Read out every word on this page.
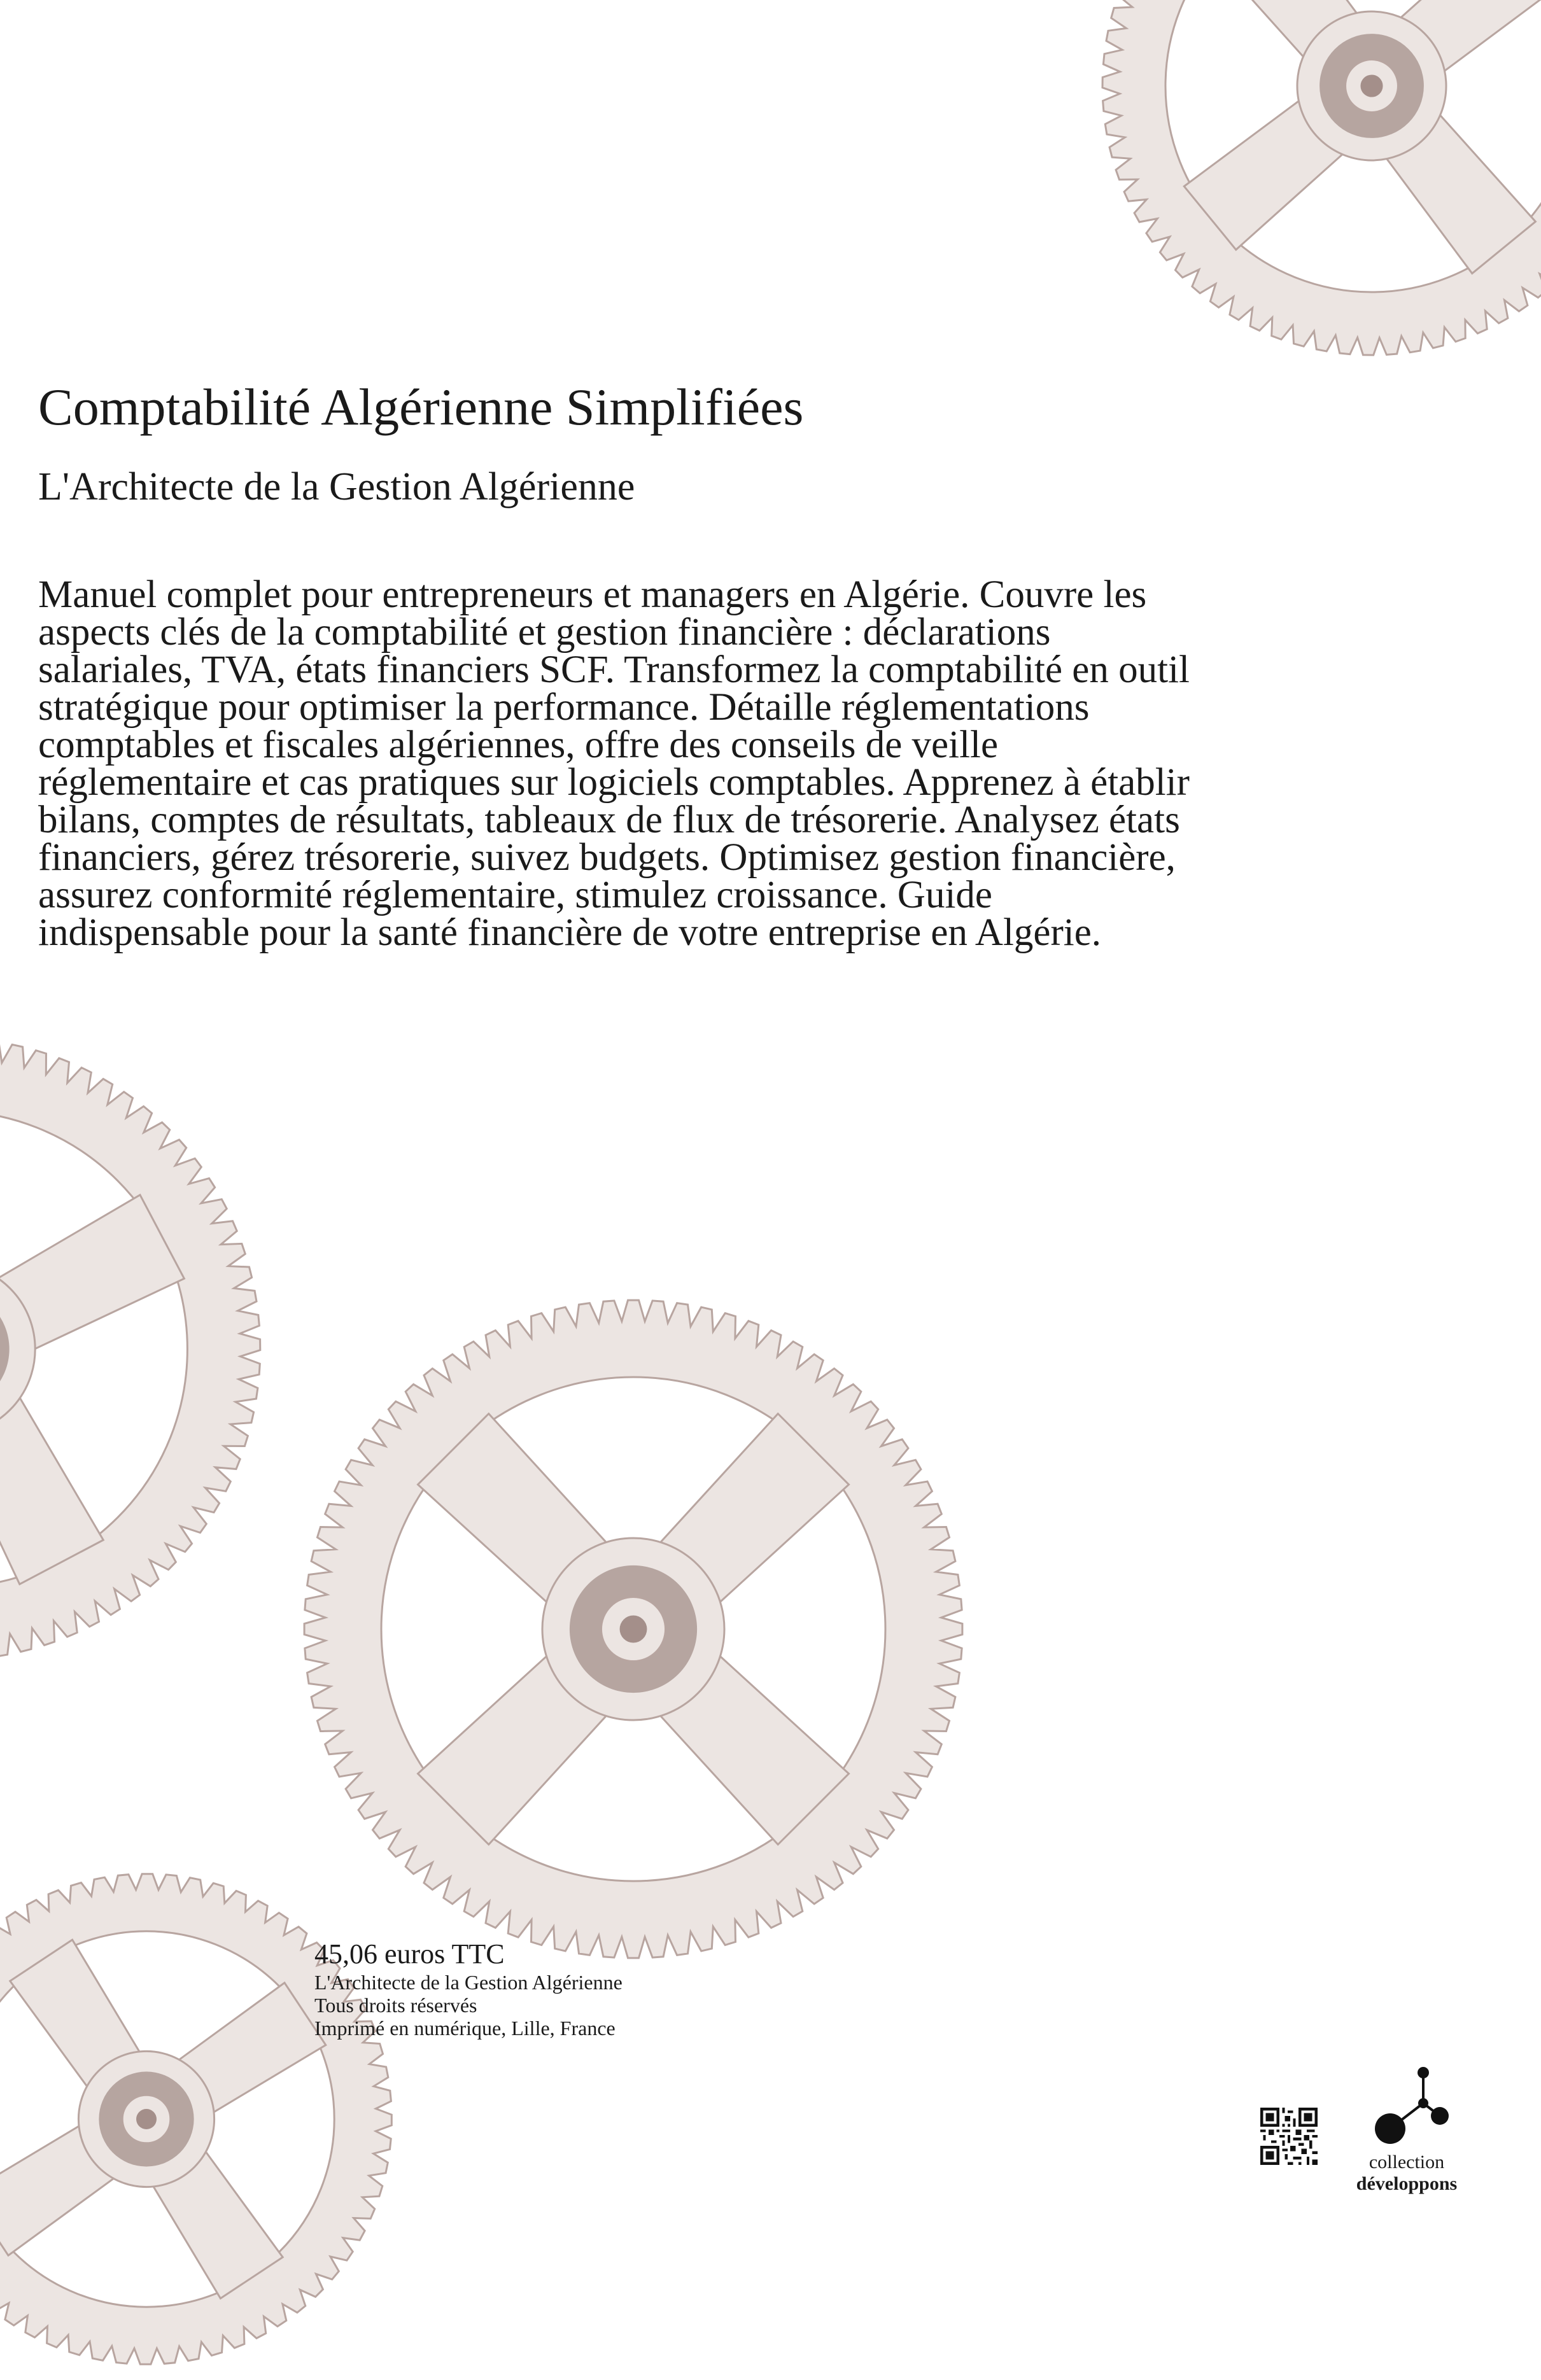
Comptabilité Algérienne Simplifiées
L'Architecte de la Gestion Algérienne

Manuel complet pour entrepreneurs et managers en Algérie. Couvre les aspects clés de la comptabilité et gestion financière : déclarations salariales, TVA, états financiers SCF. Transformez la comptabilité en outil stratégique pour optimiser la performance. Détaille réglementations comptables et fiscales algériennes, offre des conseils de veille réglementaire et cas pratiques sur logiciels comptables. Apprenez à établir bilans, comptes de résultats, tableaux de flux de trésorerie. Analysez états financiers, gérez trésorerie, suivez budgets. Optimisez gestion financière, assurez conformité réglementaire, stimulez croissance. Guide indispensable pour la santé financière de votre entreprise en Algérie.

45,06 euros TTC
L'Architecte de la Gestion Algérienne
Tous droits réservés
Imprimé en numérique, Lille, France
collection
développons
